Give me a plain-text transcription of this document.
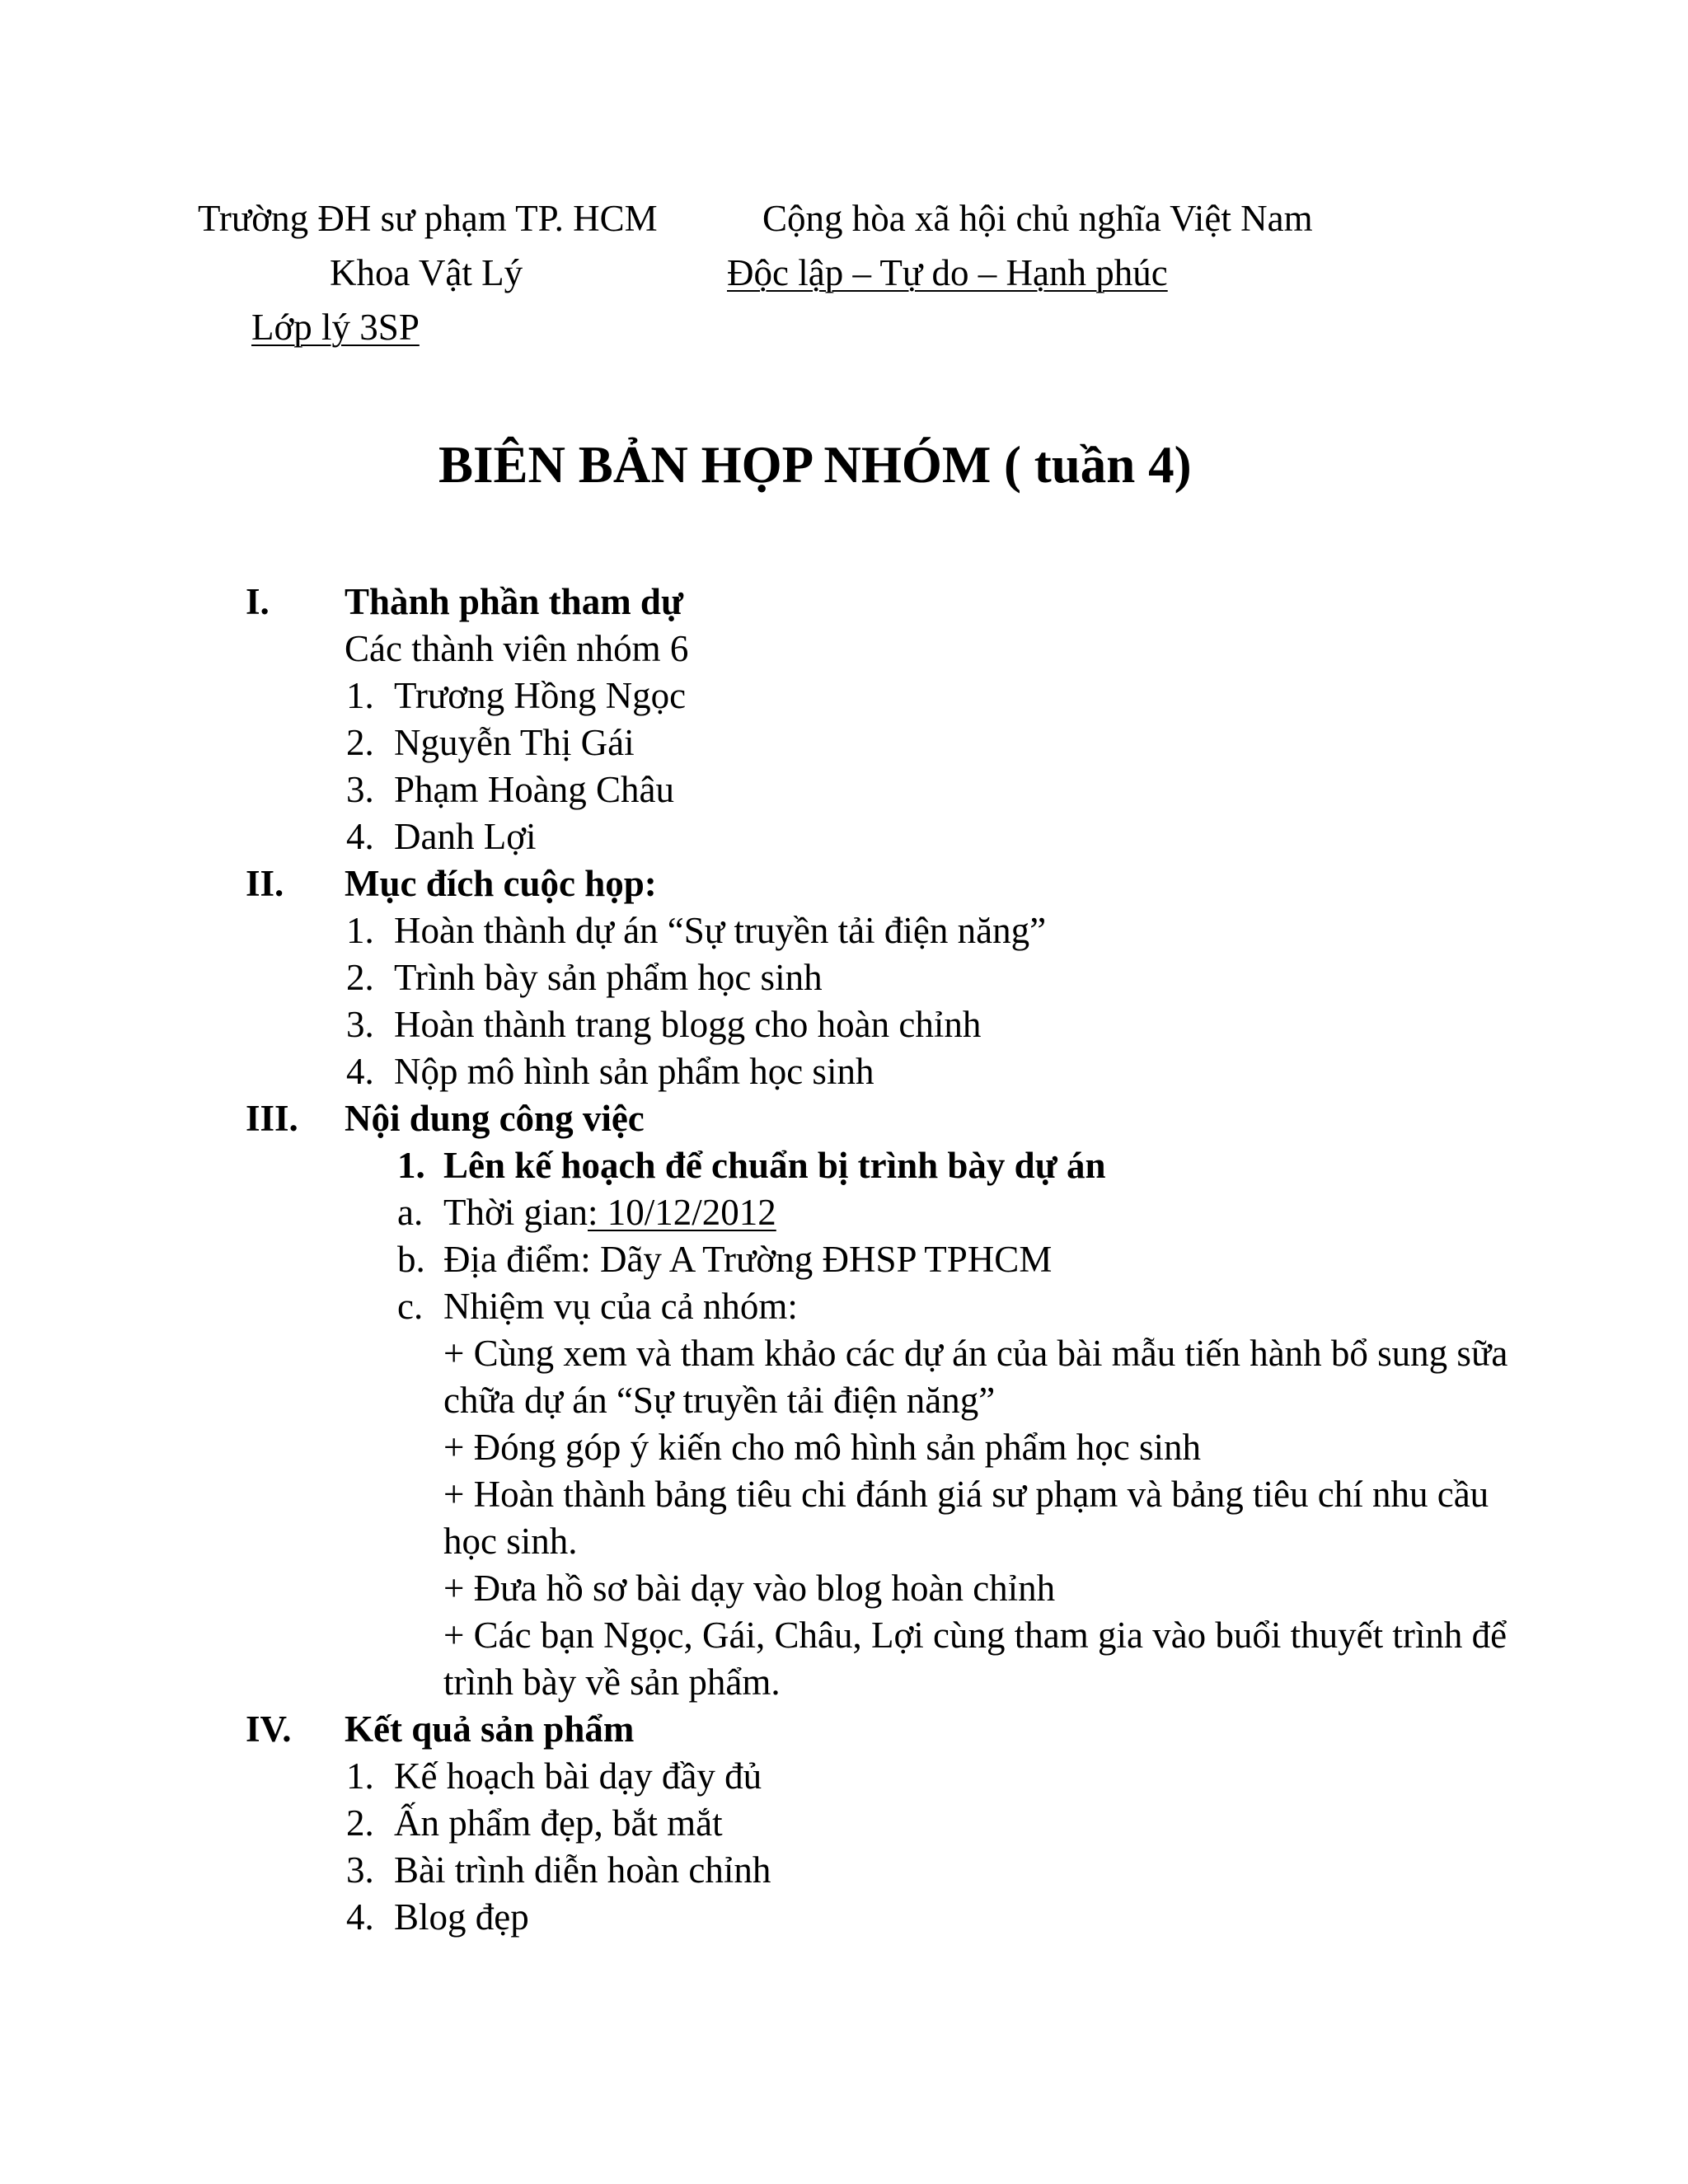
Trường ĐH sư phạm TP. HCM	Cộng hòa xã hội chủ nghĩa Việt Nam
Khoa Vật Lý	Độc lập – Tự do – Hạnh phúc
Lớp lý 3SP
BIÊN BẢN HỌP NHÓM ( tuần 4)
I. Thành phần tham dự
Các thành viên nhóm 6
1. Trương Hồng Ngọc
2. Nguyễn Thị Gái
3. Phạm Hoàng Châu
4. Danh Lợi
II. Mục đích cuộc họp:
1. Hoàn thành dự án “Sự truyền tải điện năng”
2. Trình bày sản phẩm học sinh
3. Hoàn thành trang blogg cho hoàn chỉnh
4. Nộp mô hình sản phẩm học sinh
III. Nội dung công việc
1. Lên kế hoạch để chuẩn bị trình bày dự án
a. Thời gian: 10/12/2012
b. Địa điểm: Dãy A Trường ĐHSP TPHCM
c. Nhiệm vụ của cả nhóm:
+ Cùng xem và tham khảo các dự án của bài mẫu tiến hành bổ sung sữa
chữa dự án “Sự truyền tải điện năng”
+ Đóng góp ý kiến cho mô hình sản phẩm học sinh
+ Hoàn thành bảng tiêu chi đánh giá sư phạm và bảng tiêu chí nhu cầu
học sinh.
+ Đưa hồ sơ bài dạy vào blog hoàn chỉnh
+ Các bạn Ngọc, Gái, Châu, Lợi cùng tham gia vào buổi thuyết trình để
trình bày về sản phẩm.
IV. Kết quả sản phẩm
1. Kế hoạch bài dạy đầy đủ
2. Ấn phẩm đẹp, bắt mắt
3. Bài trình diễn hoàn chỉnh
4. Blog đẹp
